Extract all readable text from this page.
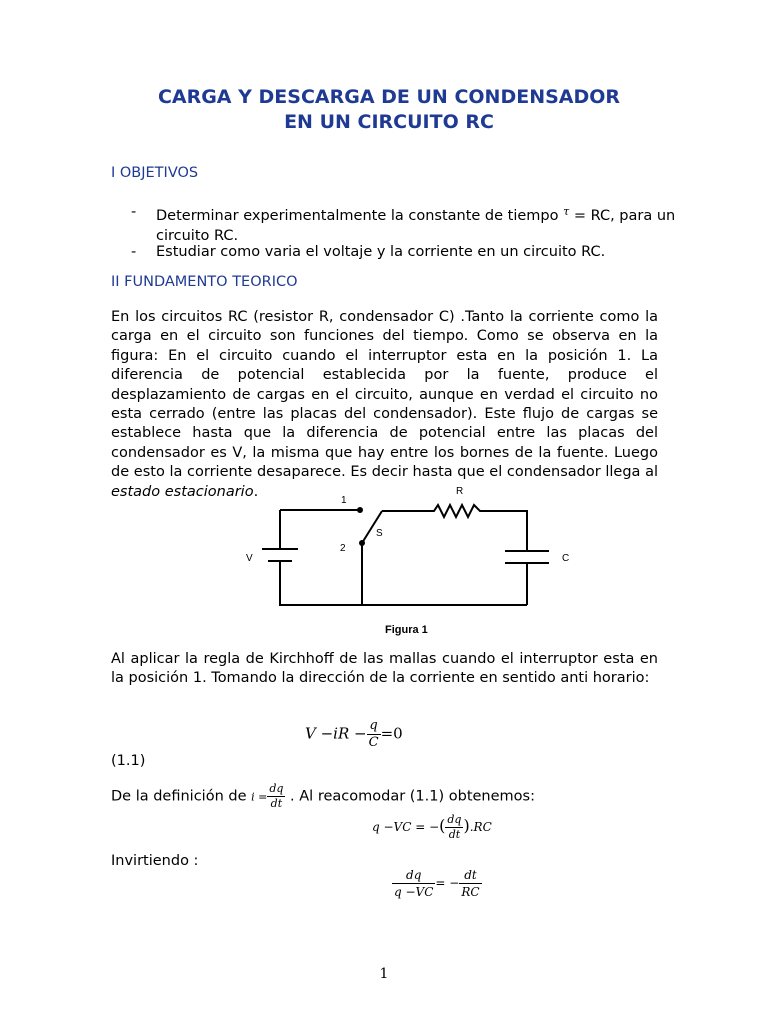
CARGA Y DESCARGA DE UN CONDENSADOR
EN UN CIRCUITO RC
I OBJETIVOS
- Determinar experimentalmente la constante de tiempo $^\tau$ = RC, para un circuito RC.
- Estudiar como varia el voltaje y la corriente en un circuito RC.
II FUNDAMENTO TEORICO

En los circuitos RC (resistor R, condensador C) .Tanto la corriente como la carga en el circuito son funciones del tiempo. Como se observa en la figura: En el circuito cuando el interruptor esta en la posición 1. La diferencia de potencial establecida por la fuente, produce el desplazamiento de cargas en el circuito, aunque en verdad el circuito no esta cerrado (entre las placas del condensador). Este flujo de cargas se establece hasta que la diferencia de potencial entre las placas del condensador es V, la misma que hay entre los bornes de la fuente. Luego de esto la corriente desaparece. Es decir hasta que el condensador llega al estado estacionario.

1
2
R
S
V	C
Figura 1

Al aplicar la regla de Kirchhoff de las mallas cuando el interruptor esta en la posición 1. Tomando la dirección de la corriente en sentido anti horario:

$V -iR - \frac{q}{C} =0$
(1.1)
De la definición de $i = \frac{dq}{dt}$ . Al reacomodar (1.1) obtenemos:
q −VC = −( $\frac{dq}{dt} ).RC$
Invirtiendo :
$\frac{dq}{q -VC}$ = − $\frac{dt}{RC}$
1
